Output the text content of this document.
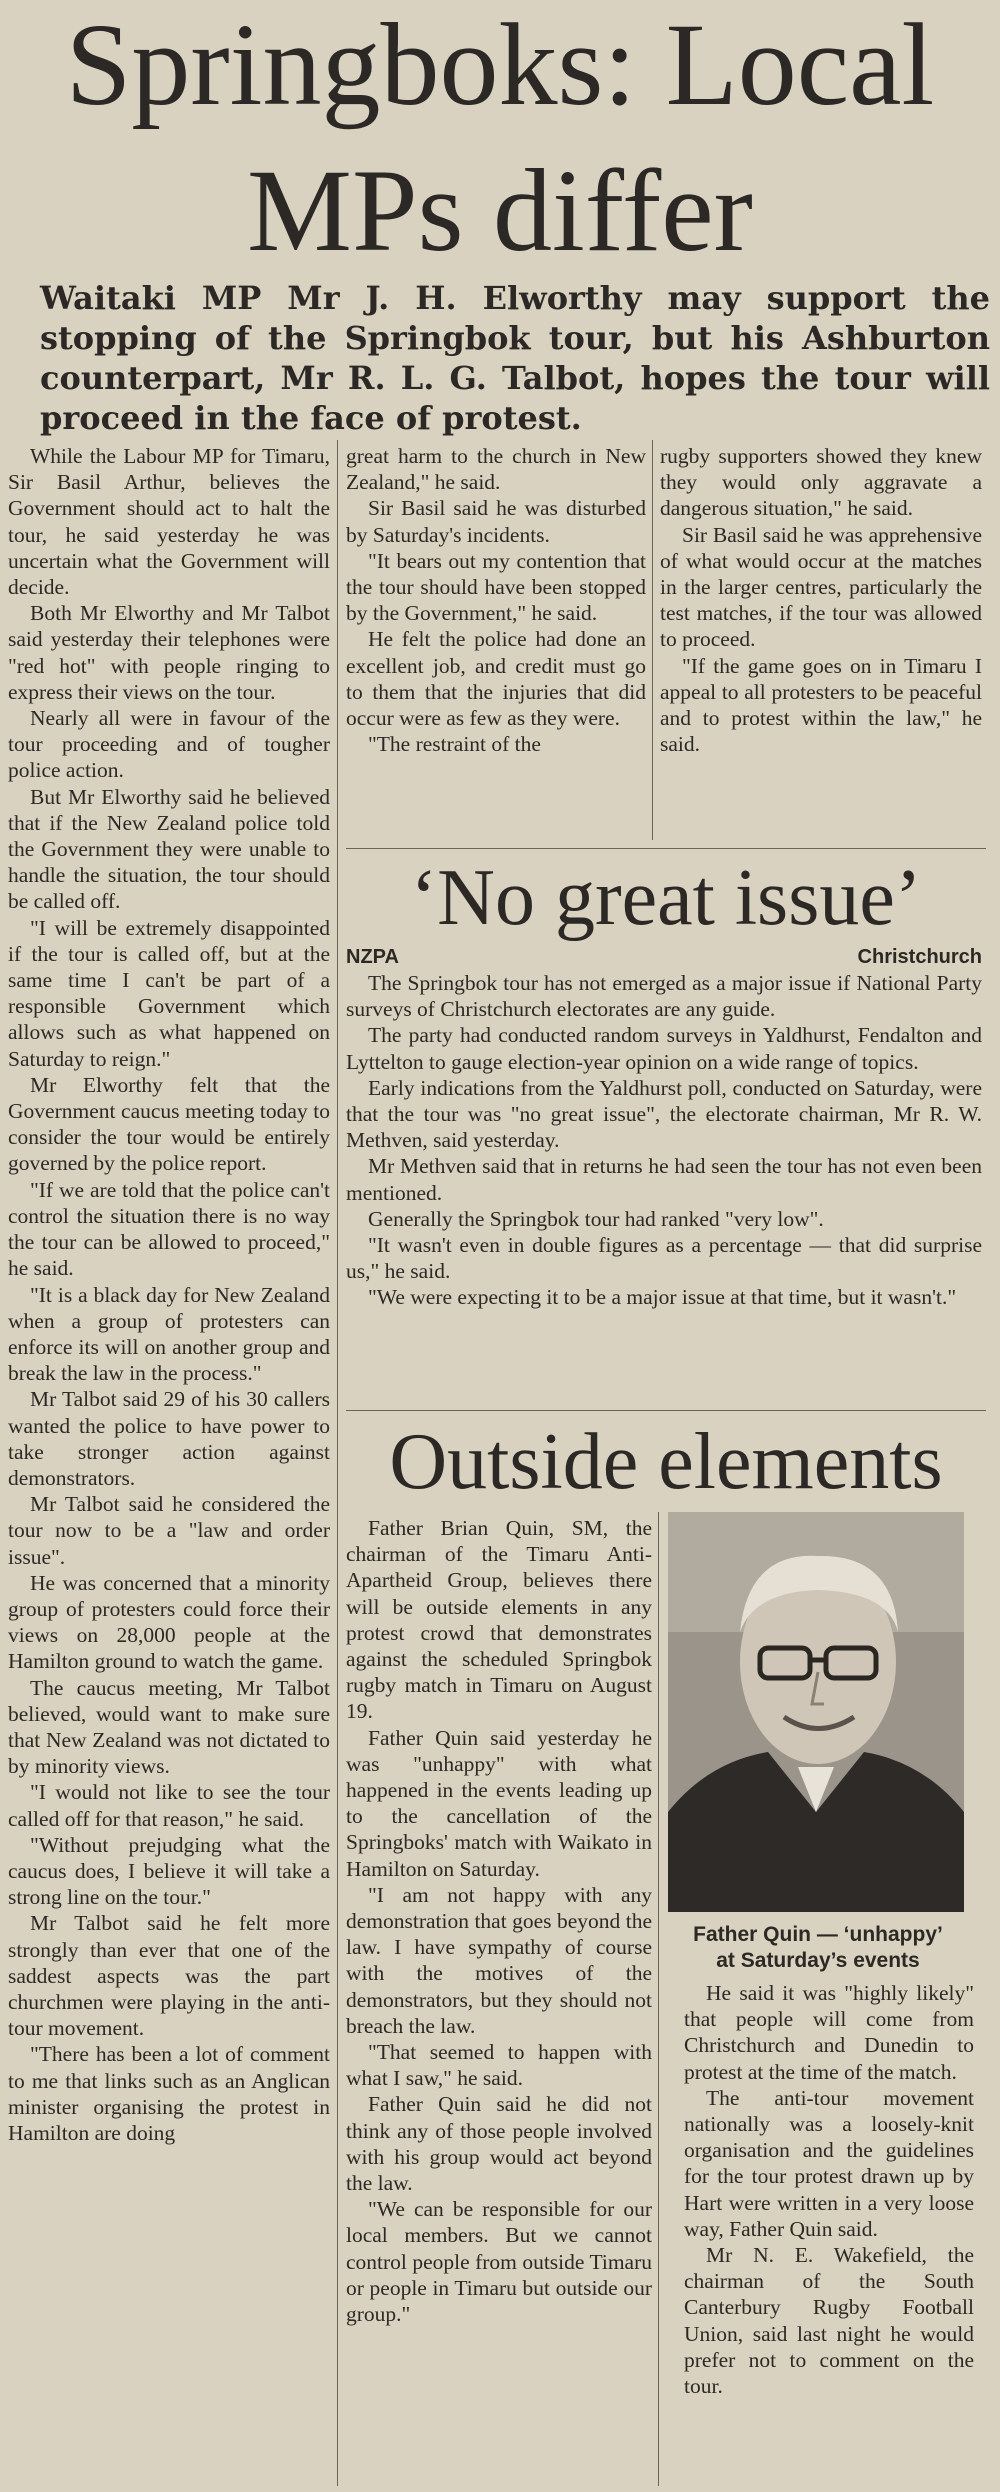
Springboks: Local
MPs differ
Waitaki MP Mr J. H. Elworthy may support the stopping of the Springbok tour, but his Ashburton counterpart, Mr R. L. G. Talbot, hopes the tour will proceed in the face of protest.

While the Labour MP for Timaru, Sir Basil Arthur, believes the Government should act to halt the tour, he said yesterday he was uncertain what the Government will decide.

Both Mr Elworthy and Mr Talbot said yesterday their telephones were "red hot" with people ringing to express their views on the tour.

Nearly all were in favour of the tour proceeding and of tougher police action.

But Mr Elworthy said he believed that if the New Zealand police told the Government they were unable to handle the situation, the tour should be called off.

"I will be extremely disappointed if the tour is called off, but at the same time I can't be part of a responsible Government which allows such as what happened on Saturday to reign."

Mr Elworthy felt that the Government caucus meeting today to consider the tour would be entirely governed by the police report.

"If we are told that the police can't control the situation there is no way the tour can be allowed to proceed," he said.

"It is a black day for New Zealand when a group of protesters can enforce its will on another group and break the law in the process."

Mr Talbot said 29 of his 30 callers wanted the police to have power to take stronger action against demonstrators.

Mr Talbot said he considered the tour now to be a "law and order issue".

He was concerned that a minority group of protesters could force their views on 28,000 people at the Hamilton ground to watch the game.

The caucus meeting, Mr Talbot believed, would want to make sure that New Zealand was not dictated to by minority views.

"I would not like to see the tour called off for that reason," he said.

"Without prejudging what the caucus does, I believe it will take a strong line on the tour."

Mr Talbot said he felt more strongly than ever that one of the saddest aspects was the part churchmen were playing in the anti-tour movement.

"There has been a lot of comment to me that links such as an Anglican minister organising the protest in Hamilton are doing

great harm to the church in New Zealand," he said.

Sir Basil said he was disturbed by Saturday's incidents.

"It bears out my contention that the tour should have been stopped by the Government," he said.

He felt the police had done an excellent job, and credit must go to them that the injuries that did occur were as few as they were.

"The restraint of the

rugby supporters showed they knew they would only aggravate a dangerous situation," he said.

Sir Basil said he was apprehensive of what would occur at the matches in the larger centres, particularly the test matches, if the tour was allowed to proceed.

"If the game goes on in Timaru I appeal to all protesters to be peaceful and to protest within the law," he said.

‘No great issue’
NZPA	Christchurch

The Springbok tour has not emerged as a major issue if National Party surveys of Christchurch electorates are any guide.

The party had conducted random surveys in Yaldhurst, Fendalton and Lyttelton to gauge election-year opinion on a wide range of topics.

Early indications from the Yaldhurst poll, conducted on Saturday, were that the tour was "no great issue", the electorate chairman, Mr R. W. Methven, said yesterday.

Mr Methven said that in returns he had seen the tour has not even been mentioned.

Generally the Springbok tour had ranked "very low".

"It wasn't even in double figures as a percentage — that did surprise us," he said.

"We were expecting it to be a major issue at that time, but it wasn't."

Outside elements

Father Brian Quin, SM, the chairman of the Timaru Anti-Apartheid Group, believes there will be outside elements in any protest crowd that demonstrates against the scheduled Springbok rugby match in Timaru on August 19.

Father Quin said yesterday he was "unhappy" with what happened in the events leading up to the cancellation of the Springboks' match with Waikato in Hamilton on Saturday.

"I am not happy with any demonstration that goes beyond the law. I have sympathy of course with the motives of the demonstrators, but they should not breach the law.

"That seemed to happen with what I saw," he said.

Father Quin said he did not think any of those people involved with his group would act beyond the law.

"We can be responsible for our local members. But we cannot control people from outside Timaru or people in Timaru but outside our group."

Father Quin — ‘unhappy’
at Saturday’s events

He said it was "highly likely" that people will come from Christchurch and Dunedin to protest at the time of the match.

The anti-tour movement nationally was a loosely-knit organisation and the guidelines for the tour protest drawn up by Hart were written in a very loose way, Father Quin said.

Mr N. E. Wakefield, the chairman of the South Canterbury Rugby Football Union, said last night he would prefer not to comment on the tour.
